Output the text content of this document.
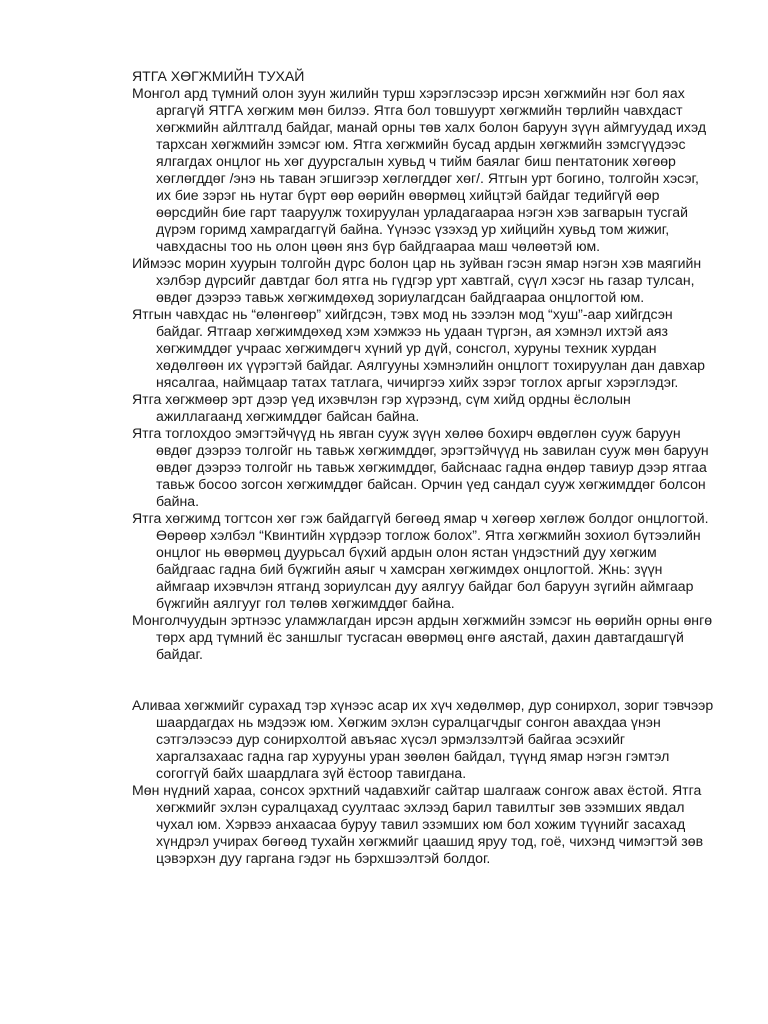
ЯТГА ХӨГЖМИЙН ТУХАЙ

Монгол ард түмний олон зуун жилийн турш хэрэглэсээр ирсэн хөгжмийн нэг бол яах аргагүй ЯТГА хөгжим мөн билээ. Ятга бол товшуурт хөгжмийн төрлийн чавхдаст хөгжмийн айлтгалд байдаг, манай орны төв халх болон баруун зүүн аймгуудад ихэд тархсан хөгжмийн зэмсэг юм. Ятга хөгжмийн бусад ардын хөгжмийн зэмсгүүдээс ялгагдах онцлог нь хөг дуурсгалын хувьд ч тийм баялаг биш пентатоник хөгөөр хөглөгддөг /энэ нь таван эгшигээр хөглөгддөг хөг/. Ятгын урт богино, толгойн хэсэг, их бие зэрэг нь нутаг бүрт өөр өөрийн өвөрмөц хийцтэй байдаг тедийгүй өөр өөрсдийн бие гарт тааруулж тохируулан урладагаараа нэгэн хэв загварын тусгай дүрэм горимд хамрагдаггүй байна. Үүнээс үзэхэд ур хийцийн хувьд том жижиг, чавхдасны тоо нь олон цөөн янз бүр байдгаараа маш чөлөөтэй юм.

Иймээс морин хуурын толгойн дүрс болон цар нь зуйван гэсэн ямар нэгэн хэв маягийн хэлбэр дүрсийг давтдаг бол ятга нь гүдгэр урт хавтгай, сүүл хэсэг нь газар тулсан, өвдөг дээрээ тавьж хөгжимдөхөд зориулагдсан байдгаараа онцлогтой юм.

Ятгын чавхдас нь “өлөнгөөр” хийгдсэн, тэвх мод нь зээлэн мод “хуш”-аар хийгдсэн байдаг. Ятгаар хөгжимдөхөд хэм хэмжээ нь удаан түргэн, ая хэмнэл ихтэй аяз хөгжимддөг учраас хөгжимдөгч хүний ур дүй, сонсгол, хуруны техник хурдан хөдөлгөөн их үүрэгтэй байдаг. Аялгууны хэмнэлийн онцлогт тохируулан дан давхар нясалгаа, наймцаар татах татлага, чичиргээ хийх зэрэг тоглох аргыг хэрэглэдэг.

Ятга хөгжмөөр эрт дээр үед ихэвчлэн гэр хүрээнд, сүм хийд ордны ёслолын ажиллагаанд хөгжимддөг байсан байна.

Ятга тоглохдоо эмэгтэйчүүд нь явган сууж зүүн хөлөө бохирч өвдөглөн сууж баруун өвдөг дээрээ толгойг нь тавьж хөгжимддөг, эрэгтэйчүүд нь завилан сууж мөн баруун өвдөг дээрээ толгойг нь тавьж хөгжимддөг, байснаас гадна өндөр тавиур дээр ятгаа тавьж босоо зогсон хөгжимддөг байсан. Орчин үед сандал сууж хөгжимддөг болсон байна.

Ятга хөгжимд тогтсон хөг гэж байдаггүй бөгөөд ямар ч хөгөөр хөглөж болдог онцлогтой. Өөрөөр хэлбэл “Квинтийн хүрдээр тоглож болох”. Ятга хөгжмийн зохиол бүтээлийн онцлог нь өвөрмөц дуурьсал бүхий ардын олон ястан үндэстний дуу хөгжим байдгаас гадна бий бүжгийн аяыг ч хамсран хөгжимдөх онцлогтой. Жнь: зүүн аймгаар ихэвчлэн ятганд зориулсан дуу аялгуу байдаг бол баруун зүгийн аймгаар бүжгийн аялгууг гол төлөв хөгжимддөг байна.

Монголчуудын эртнээс уламжлагдан ирсэн ардын хөгжмийн зэмсэг нь өөрийн орны өнгө төрх ард түмний ёс заншлыг тусгасан өвөрмөц өнгө аястай, дахин давтагдашгүй байдаг.

Аливаа хөгжмийг сурахад тэр хүнээс асар их хүч хөдөлмөр, дур сонирхол, зориг тэвчээр шаардагдах нь мэдээж юм. Хөгжим эхлэн суралцагчдыг сонгон авахдаа үнэн сэтгэлээсээ дур сонирхолтой авъяас хүсэл эрмэлзэлтэй байгаа эсэхийг харгалзахаас гадна гар хурууны уран зөөлөн байдал, түүнд ямар нэгэн гэмтэл согоггүй байх шаардлага зүй ёстоор тавигдана.

Мөн нүдний хараа, сонсох эрхтний чадавхийг сайтар шалгааж сонгож авах ёстой. Ятга хөгжмийг эхлэн суралцахад суултаас эхлээд барил тавилтыг зөв эзэмших явдал чухал юм. Хэрвээ анхаасаа буруу тавил эзэмших юм бол хожим түүнийг засахад хүндрэл учирах бөгөөд тухайн хөгжмийг цаашид яруу тод, гоё, чихэнд чимэгтэй зөв цэвэрхэн дуу гаргана гэдэг нь бэрхшээлтэй болдог.
